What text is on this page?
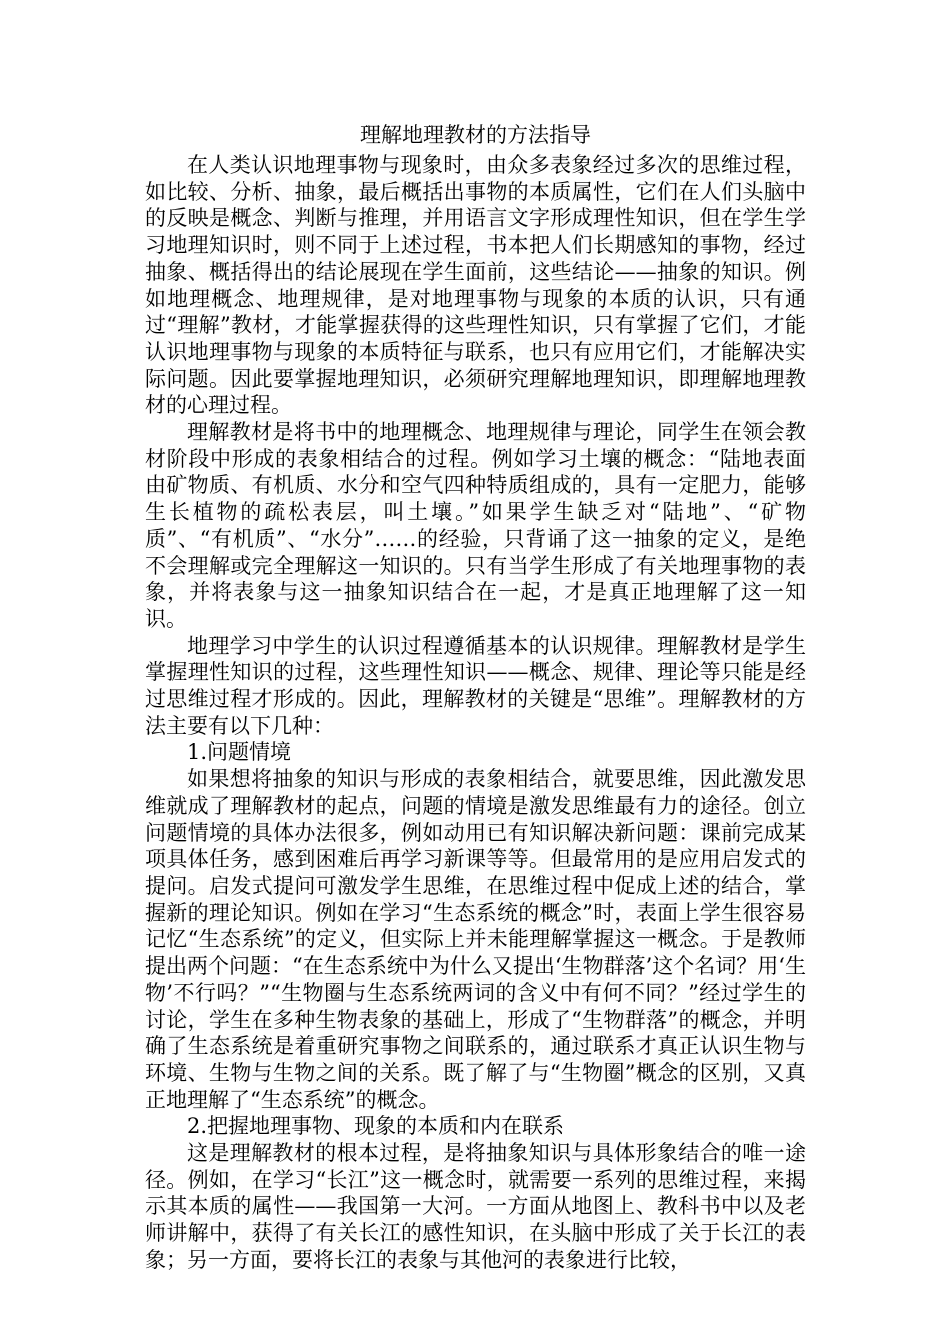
理解地理教材的方法指导

在人类认识地理事物与现象时，由众多表象经过多次的思维过程，如比较、分析、抽象，最后概括出事物的本质属性，它们在人们头脑中的反映是概念、判断与推理，并用语言文字形成理性知识，但在学生学习地理知识时，则不同于上述过程，书本把人们长期感知的事物，经过抽象、概括得出的结论展现在学生面前，这些结论——抽象的知识。例如地理概念、地理规律，是对地理事物与现象的本质的认识，只有通过“理解”教材，才能掌握获得的这些理性知识，只有掌握了它们，才能认识地理事物与现象的本质特征与联系，也只有应用它们，才能解决实际问题。因此要掌握地理知识，必须研究理解地理知识，即理解地理教材的心理过程。

理解教材是将书中的地理概念、地理规律与理论，同学生在领会教材阶段中形成的表象相结合的过程。例如学习土壤的概念：“陆地表面由矿物质、有机质、水分和空气四种特质组成的，具有一定肥力，能够生长植物的疏松表层，叫土壤。”如果学生缺乏对“陆地”、“矿物质”、“有机质”、“水分”……的经验，只背诵了这一抽象的定义，是绝不会理解或完全理解这一知识的。只有当学生形成了有关地理事物的表象，并将表象与这一抽象知识结合在一起，才是真正地理解了这一知识。

地理学习中学生的认识过程遵循基本的认识规律。理解教材是学生掌握理性知识的过程，这些理性知识——概念、规律、理论等只能是经过思维过程才形成的。因此，理解教材的关键是“思维”。理解教材的方法主要有以下几种：

1.问题情境

如果想将抽象的知识与形成的表象相结合，就要思维，因此激发思维就成了理解教材的起点，问题的情境是激发思维最有力的途径。创立问题情境的具体办法很多，例如动用已有知识解决新问题：课前完成某项具体任务，感到困难后再学习新课等等。但最常用的是应用启发式的提问。启发式提问可激发学生思维，在思维过程中促成上述的结合，掌握新的理论知识。例如在学习“生态系统的概念”时，表面上学生很容易记忆“生态系统”的定义，但实际上并未能理解掌握这一概念。于是教师提出两个问题：“在生态系统中为什么又提出‘生物群落’这个名词？用‘生物’不行吗？”“生物圈与生态系统两词的含义中有何不同？”经过学生的讨论，学生在多种生物表象的基础上，形成了“生物群落”的概念，并明确了生态系统是着重研究事物之间联系的，通过联系才真正认识生物与环境、生物与生物之间的关系。既了解了与“生物圈”概念的区别，又真正地理解了“生态系统”的概念。

2.把握地理事物、现象的本质和内在联系

这是理解教材的根本过程，是将抽象知识与具体形象结合的唯一途径。例如，在学习“长江”这一概念时，就需要一系列的思维过程，来揭示其本质的属性——我国第一大河。一方面从地图上、教科书中以及老师讲解中，获得了有关长江的感性知识，在头脑中形成了关于长江的表象；另一方面，要将长江的表象与其他河的表象进行比较，
